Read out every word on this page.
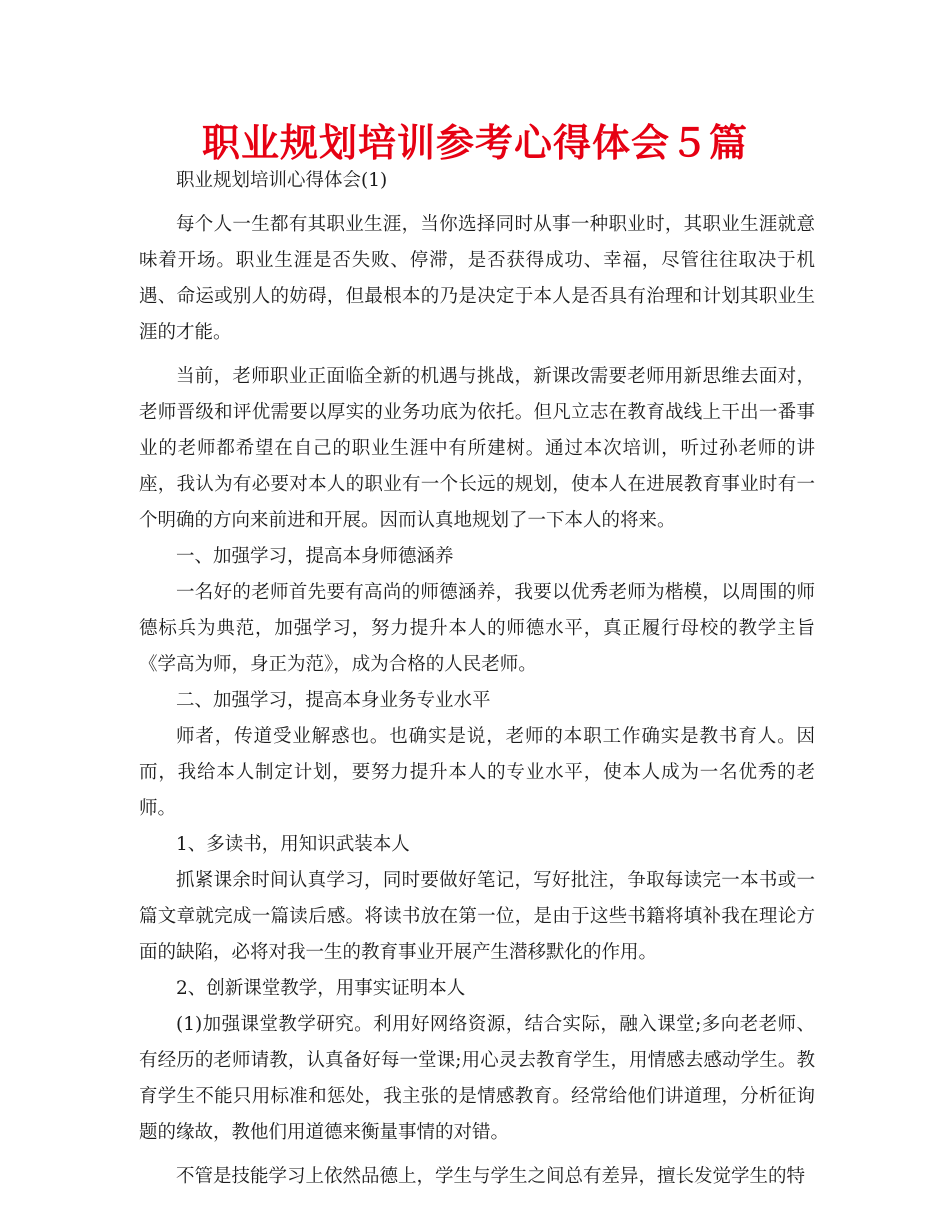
职业规划培训参考心得体会５篇

职业规划培训心得体会(1)

每个人一生都有其职业生涯，当你选择同时从事一种职业时，其职业生涯就意味着开场。职业生涯是否失败、停滞，是否获得成功、幸福，尽管往往取决于机遇、命运或别人的妨碍，但最根本的乃是决定于本人是否具有治理和计划其职业生涯的才能。

当前，老师职业正面临全新的机遇与挑战，新课改需要老师用新思维去面对，老师晋级和评优需要以厚实的业务功底为依托。但凡立志在教育战线上干出一番事业的老师都希望在自己的职业生涯中有所建树。通过本次培训，听过孙老师的讲座，我认为有必要对本人的职业有一个长远的规划，使本人在进展教育事业时有一个明确的方向来前进和开展。因而认真地规划了一下本人的将来。

一、加强学习，提高本身师德涵养

一名好的老师首先要有高尚的师德涵养，我要以优秀老师为楷模，以周围的师德标兵为典范，加强学习，努力提升本人的师德水平，真正履行母校的教学主旨《学高为师，身正为范》，成为合格的人民老师。

二、加强学习，提高本身业务专业水平

师者，传道受业解惑也。也确实是说，老师的本职工作确实是教书育人。因而，我给本人制定计划，要努力提升本人的专业水平，使本人成为一名优秀的老师。

1、多读书，用知识武装本人

抓紧课余时间认真学习，同时要做好笔记，写好批注，争取每读完一本书或一篇文章就完成一篇读后感。将读书放在第一位，是由于这些书籍将填补我在理论方面的缺陷，必将对我一生的教育事业开展产生潜移默化的作用。

2、创新课堂教学，用事实证明本人

(1)加强课堂教学研究。利用好网络资源，结合实际，融入课堂;多向老老师、有经历的老师请教，认真备好每一堂课;用心灵去教育学生，用情感去感动学生。教育学生不能只用标准和惩处，我主张的是情感教育。经常给他们讲道理，分析征询题的缘故，教他们用道德来衡量事情的对错。

不管是技能学习上依然品德上，学生与学生之间总有差异，擅长发觉学生的特
